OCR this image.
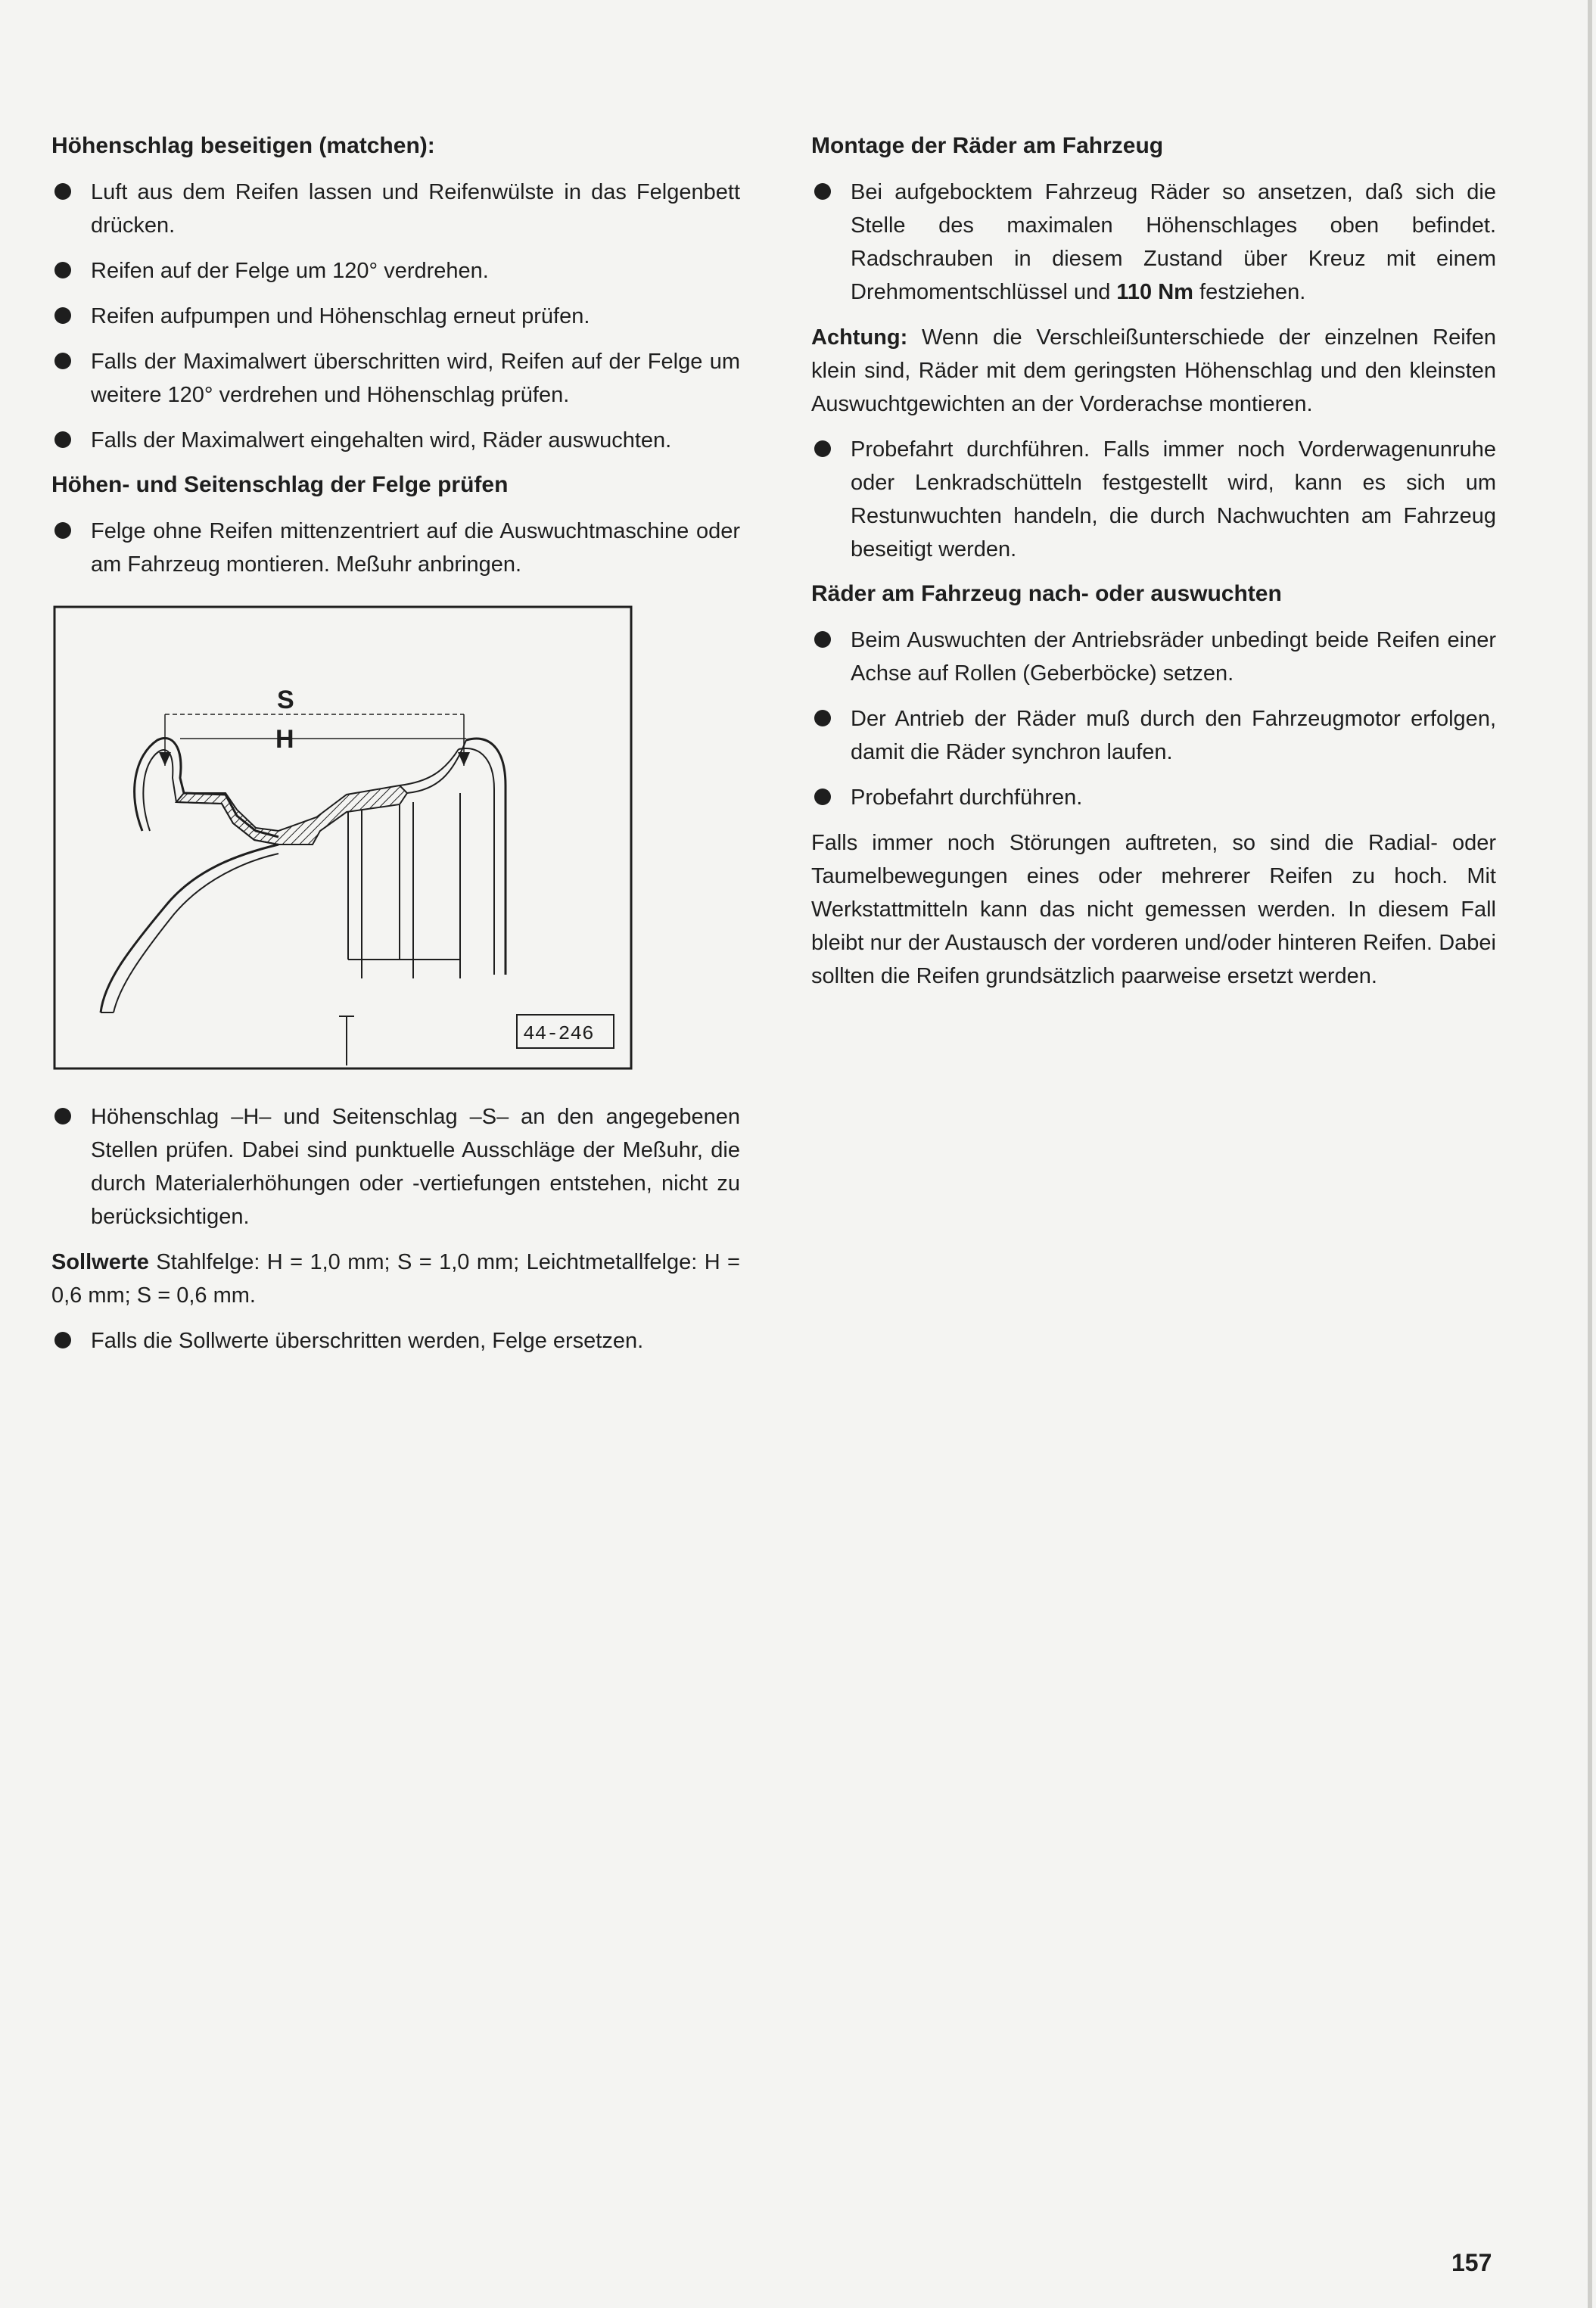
Höhenschlag beseitigen (matchen):
Luft aus dem Reifen lassen und Reifenwülste in das Felgenbett drücken.
Reifen auf der Felge um 120° verdrehen.
Reifen aufpumpen und Höhenschlag erneut prüfen.
Falls der Maximalwert überschritten wird, Reifen auf der Felge um weitere 120° verdrehen und Höhenschlag prüfen.
Falls der Maximalwert eingehalten wird, Räder auswuchten.
Höhen- und Seitenschlag der Felge prüfen
Felge ohne Reifen mittenzentriert auf die Auswuchtmaschine oder am Fahrzeug montieren. Meßuhr anbringen.
S
H
44-246
Höhenschlag –H– und Seitenschlag –S– an den angegebenen Stellen prüfen. Dabei sind punktuelle Ausschläge der Meßuhr, die durch Materialerhöhungen oder -vertiefungen entstehen, nicht zu berücksichtigen.

Sollwerte Stahlfelge: H = 1,0 mm; S = 1,0 mm; Leichtmetallfelge: H = 0,6 mm; S = 0,6 mm.

Falls die Sollwerte überschritten werden, Felge ersetzen.
Montage der Räder am Fahrzeug
Bei aufgebocktem Fahrzeug Räder so ansetzen, daß sich die Stelle des maximalen Höhenschlages oben befindet. Radschrauben in diesem Zustand über Kreuz mit einem Drehmomentschlüssel und 110 Nm festziehen.

Achtung: Wenn die Verschleißunterschiede der einzelnen Reifen klein sind, Räder mit dem geringsten Höhenschlag und den kleinsten Auswuchtgewichten an der Vorderachse montieren.

Probefahrt durchführen. Falls immer noch Vorderwagenunruhe oder Lenkradschütteln festgestellt wird, kann es sich um Restunwuchten handeln, die durch Nachwuchten am Fahrzeug beseitigt werden.
Räder am Fahrzeug nach- oder auswuchten
Beim Auswuchten der Antriebsräder unbedingt beide Reifen einer Achse auf Rollen (Geberböcke) setzen.
Der Antrieb der Räder muß durch den Fahrzeugmotor erfolgen, damit die Räder synchron laufen.
Probefahrt durchführen.

Falls immer noch Störungen auftreten, so sind die Radial- oder Taumelbewegungen eines oder mehrerer Reifen zu hoch. Mit Werkstattmitteln kann das nicht gemessen werden. In diesem Fall bleibt nur der Austausch der vorderen und/oder hinteren Reifen. Dabei sollten die Reifen grundsätzlich paarweise ersetzt werden.

157
